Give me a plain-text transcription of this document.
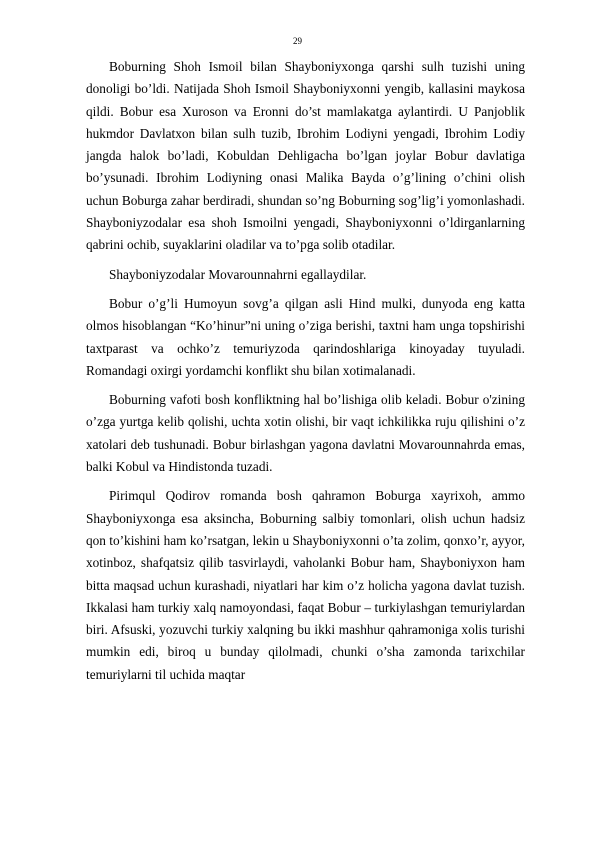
29

Boburning Shoh Ismoil bilan Shayboniyxonga qarshi sulh tuzishi uning donoligi bo’ldi. Natijada Shoh Ismoil Shayboniyxonni yengib, kallasini maykosa qildi. Bobur esa Xuroson va Eronni do’st mamlakatga aylantirdi. U Panjoblik hukmdor Davlatxon bilan sulh tuzib, Ibrohim Lodiyni yengadi, Ibrohim Lodiy jangda halok bo’ladi, Kobuldan Dehligacha bo’lgan joylar Bobur davlatiga bo’ysunadi. Ibrohim Lodiyning onasi Malika Bayda o’g’lining o’chini olish uchun Boburga zahar berdiradi, shundan so’ng Boburning sog’lig’i yomonlashadi. Shayboniyzodalar esa shoh Ismoilni yengadi, Shayboniyxonni o’ldirganlarning qabrini ochib, suyaklarini oladilar va to’pga solib otadilar.

Shayboniyzodalar Movarounnahrni egallaydilar.

Bobur o’g’li Humoyun sovg’a qilgan asli Hind mulki, dunyoda eng katta olmos hisoblangan “Ko’hinur”ni uning o’ziga berishi, taxtni ham unga topshirishi taxtparast va ochko’z temuriyzoda qarindoshlariga kinoyaday tuyuladi. Romandagi oxirgi yordamchi konflikt shu bilan xotimalanadi.

Boburning vafoti bosh konfliktning hal bo’lishiga olib keladi. Bobur o'zining o’zga yurtga kelib qolishi, uchta xotin olishi, bir vaqt ichkilikka ruju qilishini o’z xatolari deb tushunadi. Bobur birlashgan yagona davlatni Movarounnahrda emas, balki Kobul va Hindistonda tuzadi.

Pirimqul Qodirov romanda bosh qahramon Boburga xayrixoh, ammo Shayboniyxonga esa aksincha, Boburning salbiy tomonlari, olish uchun hadsiz qon to’kishini ham ko’rsatgan, lekin u Shayboniyxonni o’ta zolim, qonxo’r, ayyor, xotinboz, shafqatsiz qilib tasvirlaydi, vaholanki Bobur ham, Shayboniyxon ham bitta maqsad uchun kurashadi, niyatlari har kim o’z holicha yagona davlat tuzish. Ikkalasi ham turkiy xalq namoyondasi, faqat Bobur – turkiylashgan temuriylardan biri. Afsuski, yozuvchi turkiy xalqning bu ikki mashhur qahramoniga xolis turishi mumkin edi, biroq u bunday qilolmadi, chunki o’sha zamonda tarixchilar temuriylarni til uchida maqtar
